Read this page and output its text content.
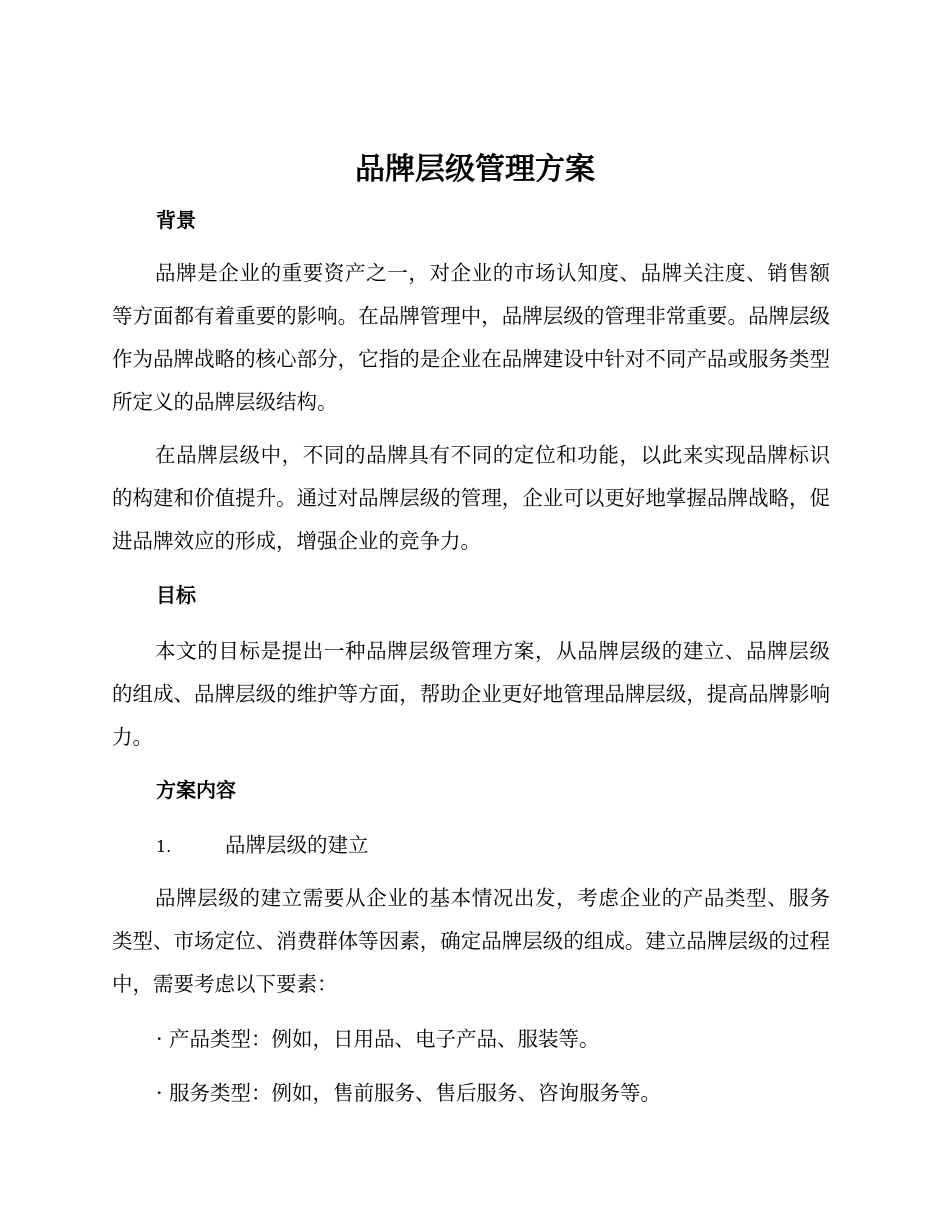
品牌层级管理方案
背景

品牌是企业的重要资产之一，对企业的市场认知度、品牌关注度、销售额等方面都有着重要的影响。在品牌管理中，品牌层级的管理非常重要。品牌层级作为品牌战略的核心部分，它指的是企业在品牌建设中针对不同产品或服务类型所定义的品牌层级结构。

在品牌层级中，不同的品牌具有不同的定位和功能，以此来实现品牌标识的构建和价值提升。通过对品牌层级的管理，企业可以更好地掌握品牌战略，促进品牌效应的形成，增强企业的竞争力。

目标

本文的目标是提出一种品牌层级管理方案，从品牌层级的建立、品牌层级的组成、品牌层级的维护等方面，帮助企业更好地管理品牌层级，提高品牌影响力。

方案内容

1.	品牌层级的建立

品牌层级的建立需要从企业的基本情况出发，考虑企业的产品类型、服务类型、市场定位、消费群体等因素，确定品牌层级的组成。建立品牌层级的过程中，需要考虑以下要素：

· 产品类型：例如，日用品、电子产品、服装等。

· 服务类型：例如，售前服务、售后服务、咨询服务等。
